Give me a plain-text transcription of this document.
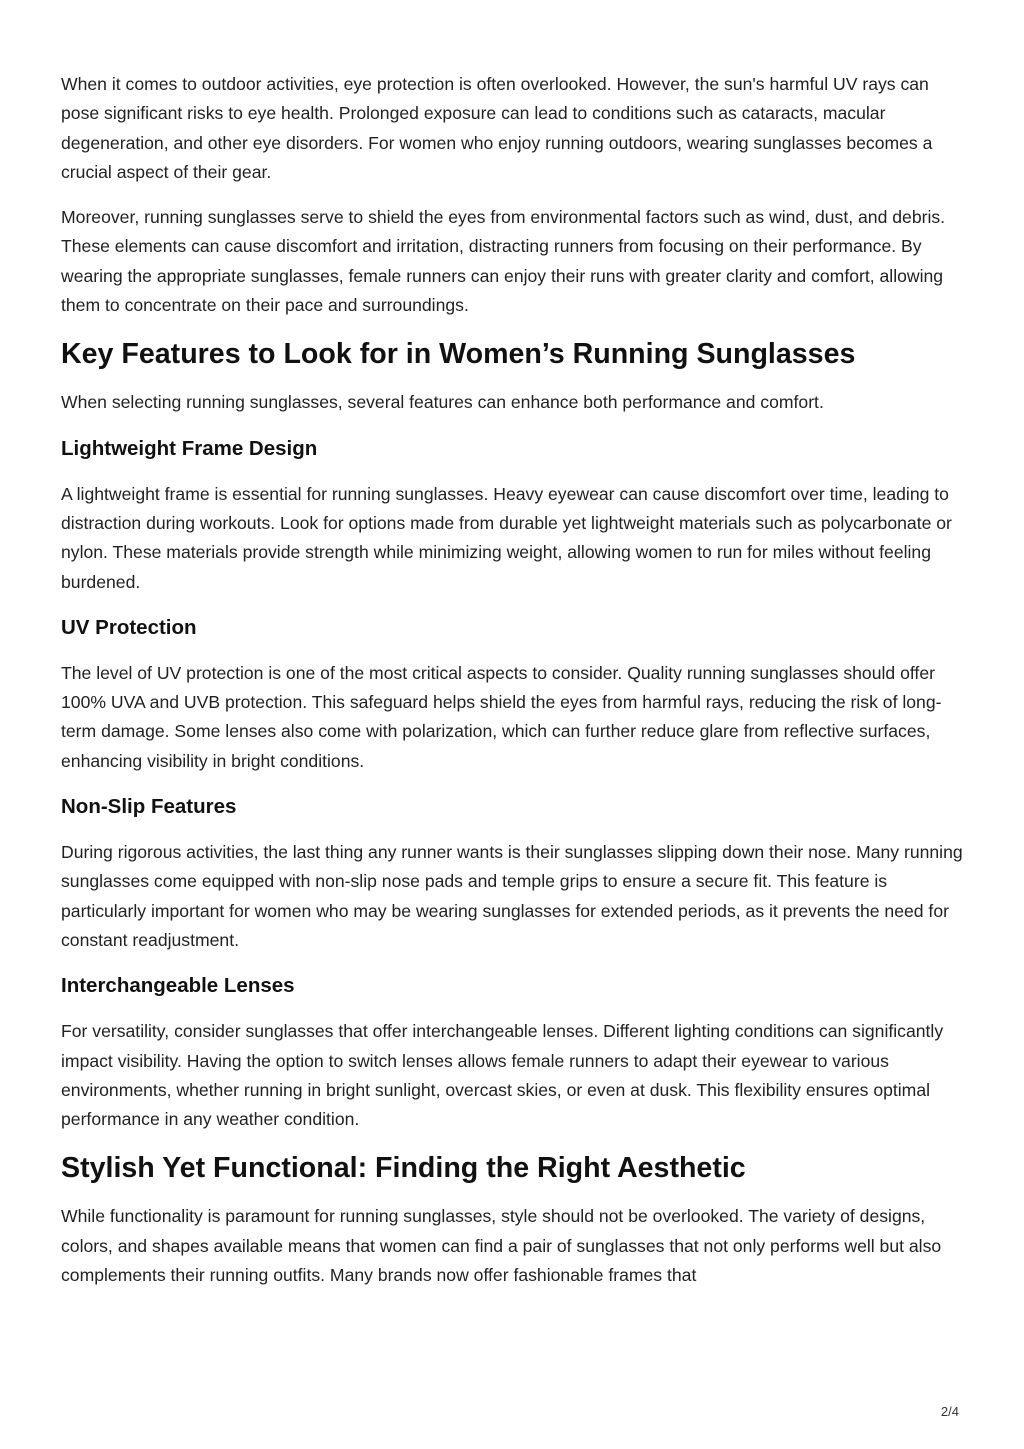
When it comes to outdoor activities, eye protection is often overlooked. However, the sun's harmful UV rays can pose significant risks to eye health. Prolonged exposure can lead to conditions such as cataracts, macular degeneration, and other eye disorders. For women who enjoy running outdoors, wearing sunglasses becomes a crucial aspect of their gear.

Moreover, running sunglasses serve to shield the eyes from environmental factors such as wind, dust, and debris. These elements can cause discomfort and irritation, distracting runners from focusing on their performance. By wearing the appropriate sunglasses, female runners can enjoy their runs with greater clarity and comfort, allowing them to concentrate on their pace and surroundings.

Key Features to Look for in Women’s Running Sunglasses

When selecting running sunglasses, several features can enhance both performance and comfort.

Lightweight Frame Design

A lightweight frame is essential for running sunglasses. Heavy eyewear can cause discomfort over time, leading to distraction during workouts. Look for options made from durable yet lightweight materials such as polycarbonate or nylon. These materials provide strength while minimizing weight, allowing women to run for miles without feeling burdened.

UV Protection

The level of UV protection is one of the most critical aspects to consider. Quality running sunglasses should offer 100% UVA and UVB protection. This safeguard helps shield the eyes from harmful rays, reducing the risk of long-term damage. Some lenses also come with polarization, which can further reduce glare from reflective surfaces, enhancing visibility in bright conditions.

Non-Slip Features

During rigorous activities, the last thing any runner wants is their sunglasses slipping down their nose. Many running sunglasses come equipped with non-slip nose pads and temple grips to ensure a secure fit. This feature is particularly important for women who may be wearing sunglasses for extended periods, as it prevents the need for constant readjustment.

Interchangeable Lenses

For versatility, consider sunglasses that offer interchangeable lenses. Different lighting conditions can significantly impact visibility. Having the option to switch lenses allows female runners to adapt their eyewear to various environments, whether running in bright sunlight, overcast skies, or even at dusk. This flexibility ensures optimal performance in any weather condition.

Stylish Yet Functional: Finding the Right Aesthetic

While functionality is paramount for running sunglasses, style should not be overlooked. The variety of designs, colors, and shapes available means that women can find a pair of sunglasses that not only performs well but also complements their running outfits. Many brands now offer fashionable frames that

2/4
